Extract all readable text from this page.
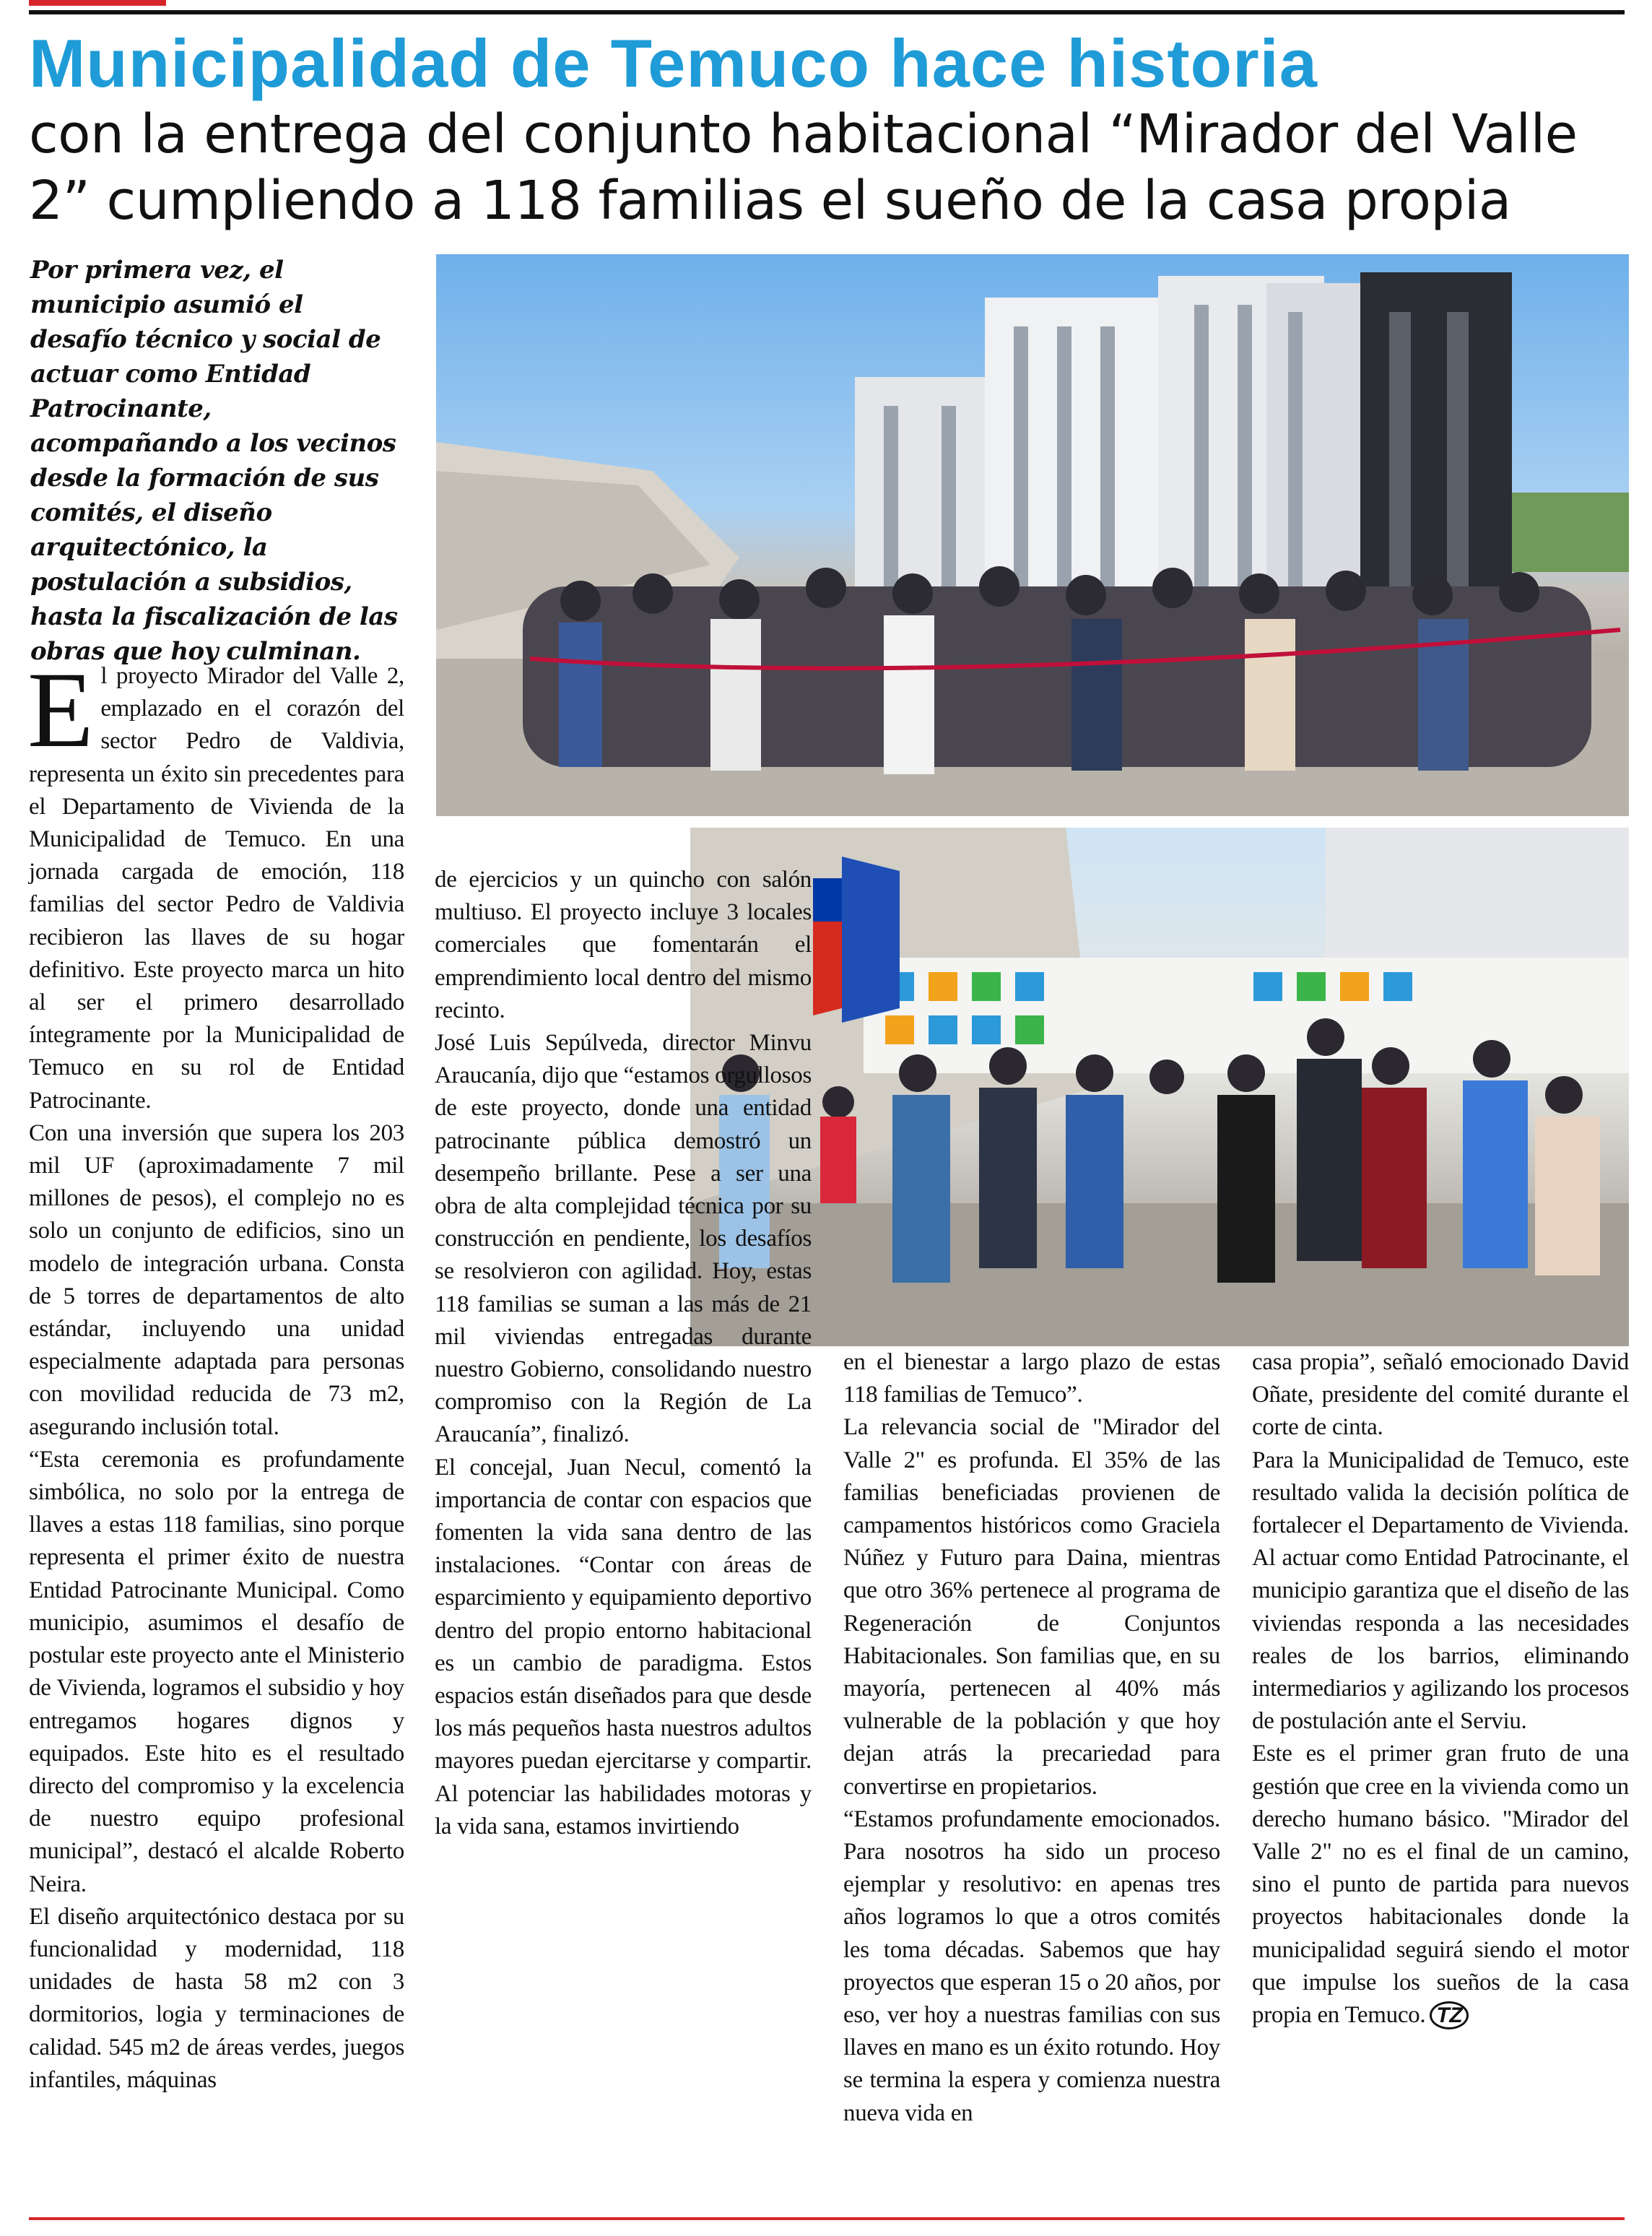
Municipalidad de Temuco hace historia
con la entrega del conjunto habitacional “Mirador del Valle 2” cumpliendo a 118 familias el sueño de la casa propia
Por primera vez, el municipio asumió el desafío técnico y social de actuar como Entidad Patrocinante, acompañando a los vecinos desde la formación de sus comités, el diseño arquitectónico, la postulación a subsidios, hasta la fiscalización de las obras que hoy culminan.

El proyecto Mirador del Valle 2, emplazado en el corazón del sector Pedro de Valdivia, representa un éxito sin precedentes para el Departamento de Vivienda de la Municipalidad de Temuco. En una jornada cargada de emoción, 118 familias del sector Pedro de Valdivia recibieron las llaves de su hogar definitivo. Este proyecto marca un hito al ser el primero desarrollado íntegramente por la Municipalidad de Temuco en su rol de Entidad Patrocinante.

Con una inversión que supera los 203 mil UF (aproximadamente 7 mil millones de pesos), el complejo no es solo un conjunto de edificios, sino un modelo de integración urbana. Consta de 5 torres de departamentos de alto estándar, incluyendo una unidad especialmente adaptada para personas con movilidad reducida de 73 m2, asegurando inclusión total.

“Esta ceremonia es profundamente simbólica, no solo por la entrega de llaves a estas 118 familias, sino porque representa el primer éxito de nuestra Entidad Patrocinante Municipal. Como municipio, asumimos el desafío de postular este proyecto ante el Ministerio de Vivienda, logramos el subsidio y hoy entregamos hogares dignos y equipados. Este hito es el resultado directo del compromiso y la excelencia de nuestro equipo profesional municipal”, destacó el alcalde Roberto Neira.

El diseño arquitectónico destaca por su funcionalidad y modernidad, 118 unidades de hasta 58 m2 con 3 dormitorios, logia y terminaciones de calidad. 545 m2 de áreas verdes, juegos infantiles, máquinas

de ejercicios y un quincho con salón multiuso. El proyecto incluye 3 locales comerciales que fomentarán el emprendimiento local dentro del mismo recinto.

José Luis Sepúlveda, director Minvu Araucanía, dijo que “estamos orgullosos de este proyecto, donde una entidad patrocinante pública demostró un desempeño brillante. Pese a ser una obra de alta complejidad técnica por su construcción en pendiente, los desafíos se resolvieron con agilidad. Hoy, estas 118 familias se suman a las más de 21 mil viviendas entregadas durante nuestro Gobierno, consolidando nuestro compromiso con la Región de La Araucanía”, finalizó.

El concejal, Juan Necul, comentó la importancia de contar con espacios que fomenten la vida sana dentro de las instalaciones. “Contar con áreas de esparcimiento y equipamiento deportivo dentro del propio entorno habitacional es un cambio de paradigma. Estos espacios están diseñados para que desde los más pequeños hasta nuestros adultos mayores puedan ejercitarse y compartir. Al potenciar las habilidades motoras y la vida sana, estamos invirtiendo

en el bienestar a largo plazo de estas 118 familias de Temuco”.

La relevancia social de "Mirador del Valle 2" es profunda. El 35% de las familias beneficiadas provienen de campamentos históricos como Graciela Núñez y Futuro para Daina, mientras que otro 36% pertenece al programa de Regeneración de Conjuntos Habitacionales. Son familias que, en su mayoría, pertenecen al 40% más vulnerable de la población y que hoy dejan atrás la precariedad para convertirse en propietarios.

“Estamos profundamente emocionados. Para nosotros ha sido un proceso ejemplar y resolutivo: en apenas tres años logramos lo que a otros comités les toma décadas. Sabemos que hay proyectos que esperan 15 o 20 años, por eso, ver hoy a nuestras familias con sus llaves en mano es un éxito rotundo. Hoy se termina la espera y comienza nuestra nueva vida en

casa propia”, señaló emocionado David Oñate, presidente del comité durante el corte de cinta.

Para la Municipalidad de Temuco, este resultado valida la decisión política de fortalecer el Departamento de Vivienda. Al actuar como Entidad Patrocinante, el municipio garantiza que el diseño de las viviendas responda a las necesidades reales de los barrios, eliminando intermediarios y agilizando los procesos de postulación ante el Serviu.

Este es el primer gran fruto de una gestión que cree en la vivienda como un derecho humano básico. "Mirador del Valle 2" no es el final de un camino, sino el punto de partida para nuevos proyectos habitacionales donde la municipalidad seguirá siendo el motor que impulse los sueños de la casa propia en Temuco. TZ
